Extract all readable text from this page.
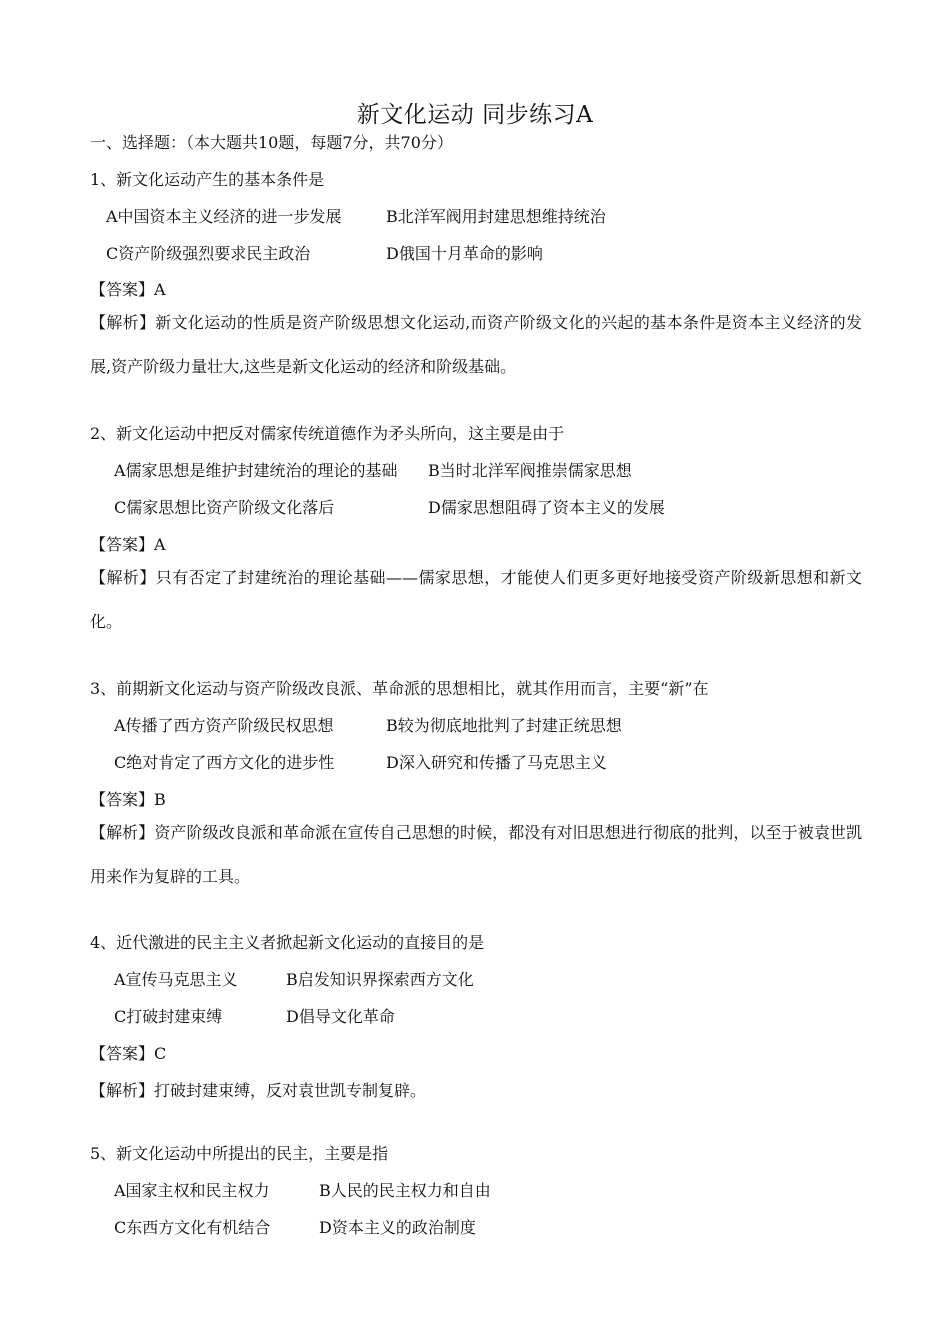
新文化运动 同步练习A
一、选择题：（本大题共10题，每题7分，共70分）
1、新文化运动产生的基本条件是
A中国资本主义经济的进一步发展	B北洋军阀用封建思想维持统治
C资产阶级强烈要求民主政治	D俄国十月革命的影响
【答案】A
【解析】新文化运动的性质是资产阶级思想文化运动,而资产阶级文化的兴起的基本条件是资本主义经济的发展,资产阶级力量壮大,这些是新文化运动的经济和阶级基础。
2、新文化运动中把反对儒家传统道德作为矛头所向，这主要是由于
A儒家思想是维护封建统治的理论的基础 B当时北洋军阀推崇儒家思想
C儒家思想比资产阶级文化落后	D儒家思想阻碍了资本主义的发展
【答案】A
【解析】只有否定了封建统治的理论基础——儒家思想，才能使人们更多更好地接受资产阶级新思想和新文化。
3、前期新文化运动与资产阶级改良派、革命派的思想相比，就其作用而言，主要“新”在
A传播了西方资产阶级民权思想	B较为彻底地批判了封建正统思想
C绝对肯定了西方文化的进步性	D深入研究和传播了马克思主义
【答案】B
【解析】资产阶级改良派和革命派在宣传自己思想的时候，都没有对旧思想进行彻底的批判，以至于被袁世凯用来作为复辟的工具。
4、近代激进的民主主义者掀起新文化运动的直接目的是
A宣传马克思主义	B启发知识界探索西方文化
C打破封建束缚	D倡导文化革命
【答案】C
【解析】打破封建束缚，反对袁世凯专制复辟。
5、新文化运动中所提出的民主，主要是指
A国家主权和民主权力	B人民的民主权力和自由
C东西方文化有机结合	D资本主义的政治制度
